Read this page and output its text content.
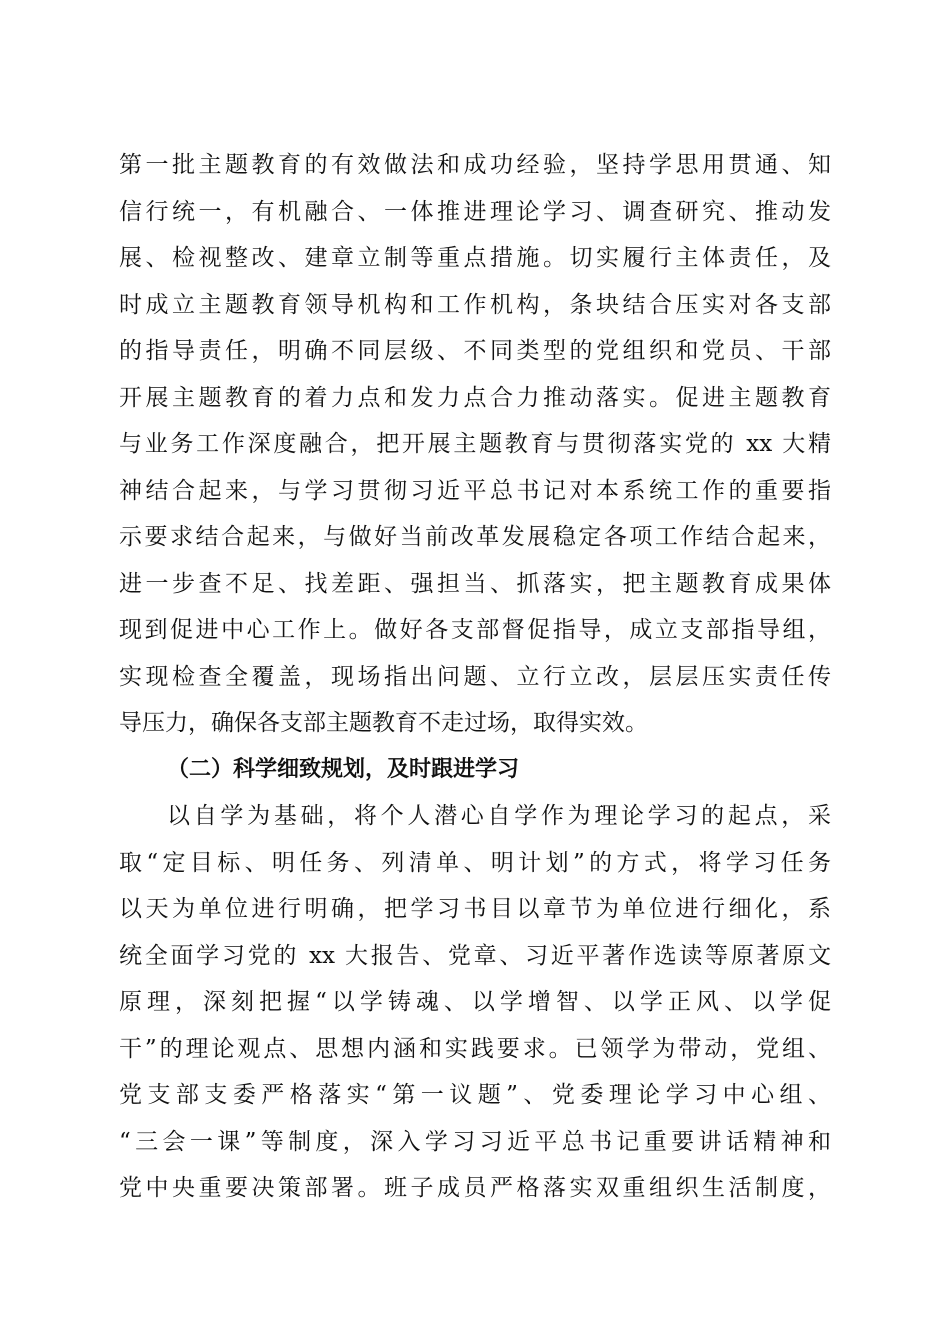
第一批主题教育的有效做法和成功经验，坚持学思用贯通、知
信行统一，有机融合、一体推进理论学习、调查研究、推动发
展、检视整改、建章立制等重点措施。切实履行主体责任，及
时成立主题教育领导机构和工作机构，条块结合压实对各支部
的指导责任，明确不同层级、不同类型的党组织和党员、干部
开展主题教育的着力点和发力点合力推动落实。促进主题教育
与业务工作深度融合，把开展主题教育与贯彻落实党的 xx 大精
神结合起来，与学习贯彻习近平总书记对本系统工作的重要指
示要求结合起来，与做好当前改革发展稳定各项工作结合起来，
进一步查不足、找差距、强担当、抓落实，把主题教育成果体
现到促进中心工作上。做好各支部督促指导，成立支部指导组，
实现检查全覆盖，现场指出问题、立行立改，层层压实责任传
导压力，确保各支部主题教育不走过场，取得实效。
（二）科学细致规划，及时跟进学习
以自学为基础，将个人潜心自学作为理论学习的起点，采
取“定目标、明任务、列清单、明计划”的方式，将学习任务
以天为单位进行明确，把学习书目以章节为单位进行细化，系
统全面学习党的 xx 大报告、党章、习近平著作选读等原著原文
原理，深刻把握“以学铸魂、以学增智、以学正风、以学促
干”的理论观点、思想内涵和实践要求。已领学为带动，党组、
党支部支委严格落实“第一议题”、党委理论学习中心组、
“三会一课”等制度，深入学习习近平总书记重要讲话精神和
党中央重要决策部署。班子成员严格落实双重组织生活制度，
